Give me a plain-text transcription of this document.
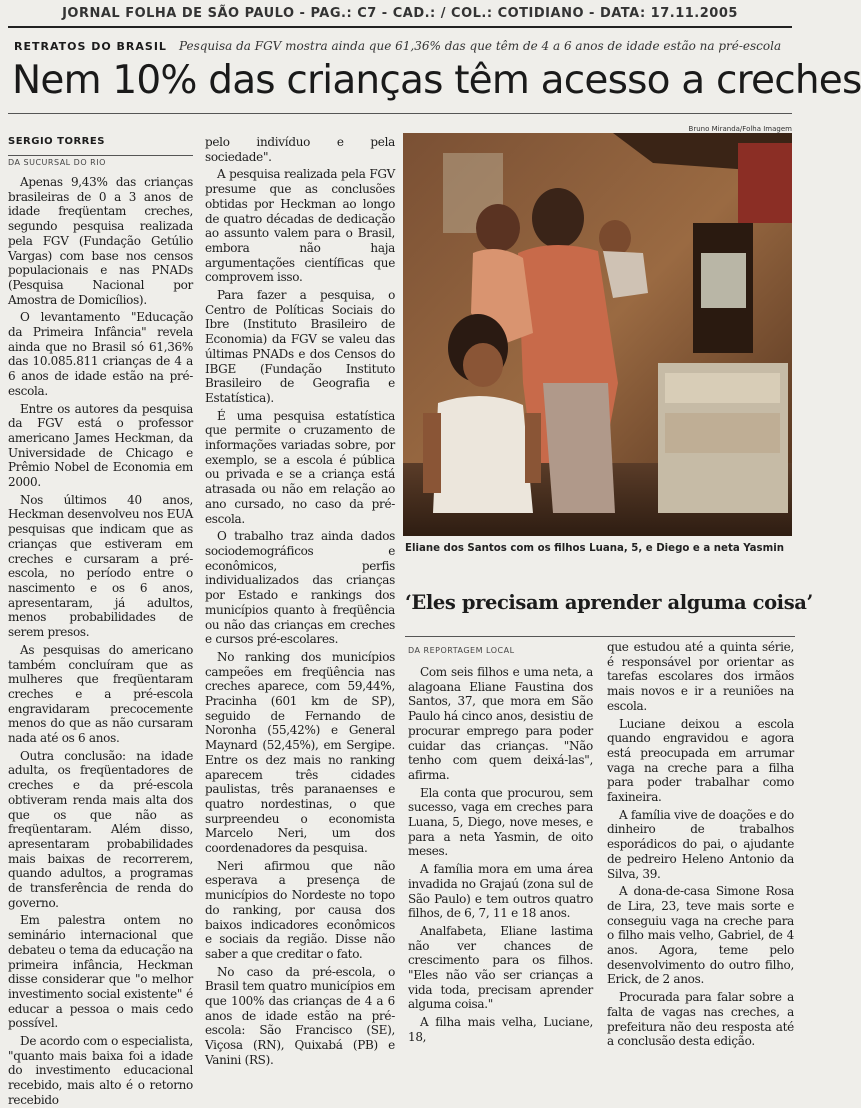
JORNAL FOLHA DE SÃO PAULO - PAG.: C7 - CAD.: / COL.: COTIDIANO - DATA: 17.11.2005
RETRATOS DO BRASIL Pesquisa da FGV mostra ainda que 61,36% das que têm de 4 a 6 anos de idade estão na pré-escola
Nem 10% das crianças têm acesso a creches
SERGIO TORRES
DA SUCURSAL DO RIO

Apenas 9,43% das crianças brasileiras de 0 a 3 anos de idade freqüentam creches, segundo pesquisa realizada pela FGV (Fundação Getúlio Vargas) com base nos censos populacionais e nas PNADs (Pesquisa Nacional por Amostra de Domicílios).

O levantamento "Educação da Primeira Infância" revela ainda que no Brasil só 61,36% das 10.085.811 crianças de 4 a 6 anos de idade estão na pré-escola.

Entre os autores da pesquisa da FGV está o professor americano James Heckman, da Universidade de Chicago e Prêmio Nobel de Economia em 2000.

Nos últimos 40 anos, Heckman desenvolveu nos EUA pesquisas que indicam que as crianças que estiveram em creches e cursaram a pré-escola, no período entre o nascimento e os 6 anos, apresentaram, já adultos, menos probabilidades de serem presos.

As pesquisas do americano também concluíram que as mulheres que freqüentaram creches e a pré-escola engravidaram precocemente menos do que as não cursaram nada até os 6 anos.

Outra conclusão: na idade adulta, os freqüentadores de creches e da pré-escola obtiveram renda mais alta dos que os que não as freqüentaram. Além disso, apresentaram probabilidades mais baixas de recorrerem, quando adultos, a programas de transferência de renda do governo.

Em palestra ontem no seminário internacional que debateu o tema da educação na primeira infância, Heckman disse considerar que "o melhor investimento social existente" é educar a pessoa o mais cedo possível.

De acordo com o especialista, "quanto mais baixa foi a idade do investimento educacional recebido, mais alto é o retorno recebido

pelo indivíduo e pela sociedade".

A pesquisa realizada pela FGV presume que as conclusões obtidas por Heckman ao longo de quatro décadas de dedicação ao assunto valem para o Brasil, embora não haja argumentações científicas que comprovem isso.

Para fazer a pesquisa, o Centro de Políticas Sociais do Ibre (Instituto Brasileiro de Economia) da FGV se valeu das últimas PNADs e dos Censos do IBGE (Fundação Instituto Brasileiro de Geografia e Estatística).

É uma pesquisa estatística que permite o cruzamento de informações variadas sobre, por exemplo, se a escola é pública ou privada e se a criança está atrasada ou não em relação ao ano cursado, no caso da pré-escola.

O trabalho traz ainda dados sociodemográficos e econômicos, perfis individualizados das crianças por Estado e rankings dos municípios quanto à freqüência ou não das crianças em creches e cursos pré-escolares.

No ranking dos municípios campeões em freqüência nas creches aparece, com 59,44%, Pracinha (601 km de SP), seguido de Fernando de Noronha (55,42%) e General Maynard (52,45%), em Sergipe. Entre os dez mais no ranking aparecem três cidades paulistas, três paranaenses e quatro nordestinas, o que surpreendeu o economista Marcelo Neri, um dos coordenadores da pesquisa.

Neri afirmou que não esperava a presença de municípios do Nordeste no topo do ranking, por causa dos baixos indicadores econômicos e sociais da região. Disse não saber a que creditar o fato.

No caso da pré-escola, o Brasil tem quatro municípios em que 100% das crianças de 4 a 6 anos de idade estão na pré-escola: São Francisco (SE), Viçosa (RN), Quixabá (PB) e Vanini (RS).

Bruno Miranda/Folha Imagem
Eliane dos Santos com os filhos Luana, 5, e Diego e a neta Yasmin
‘Eles precisam aprender alguma coisa’
DA REPORTAGEM LOCAL

Com seis filhos e uma neta, a alagoana Eliane Faustina dos Santos, 37, que mora em São Paulo há cinco anos, desistiu de procurar emprego para poder cuidar das crianças. "Não tenho com quem deixá-las", afirma.

Ela conta que procurou, sem sucesso, vaga em creches para Luana, 5, Diego, nove meses, e para a neta Yasmin, de oito meses.

A família mora em uma área invadida no Grajaú (zona sul de São Paulo) e tem outros quatro filhos, de 6, 7, 11 e 18 anos.

Analfabeta, Eliane lastima não ver chances de crescimento para os filhos. "Eles não vão ser crianças a vida toda, precisam aprender alguma coisa."

A filha mais velha, Luciane, 18,

que estudou até a quinta série, é responsável por orientar as tarefas escolares dos irmãos mais novos e ir a reuniões na escola.

Luciane deixou a escola quando engravidou e agora está preocupada em arrumar vaga na creche para a filha para poder trabalhar como faxineira.

A família vive de doações e do dinheiro de trabalhos esporádicos do pai, o ajudante de pedreiro Heleno Antonio da Silva, 39.

A dona-de-casa Simone Rosa de Lira, 23, teve mais sorte e conseguiu vaga na creche para o filho mais velho, Gabriel, de 4 anos. Agora, teme pelo desenvolvimento do outro filho, Erick, de 2 anos.

Procurada para falar sobre a falta de vagas nas creches, a prefeitura não deu resposta até a conclusão desta edição.
